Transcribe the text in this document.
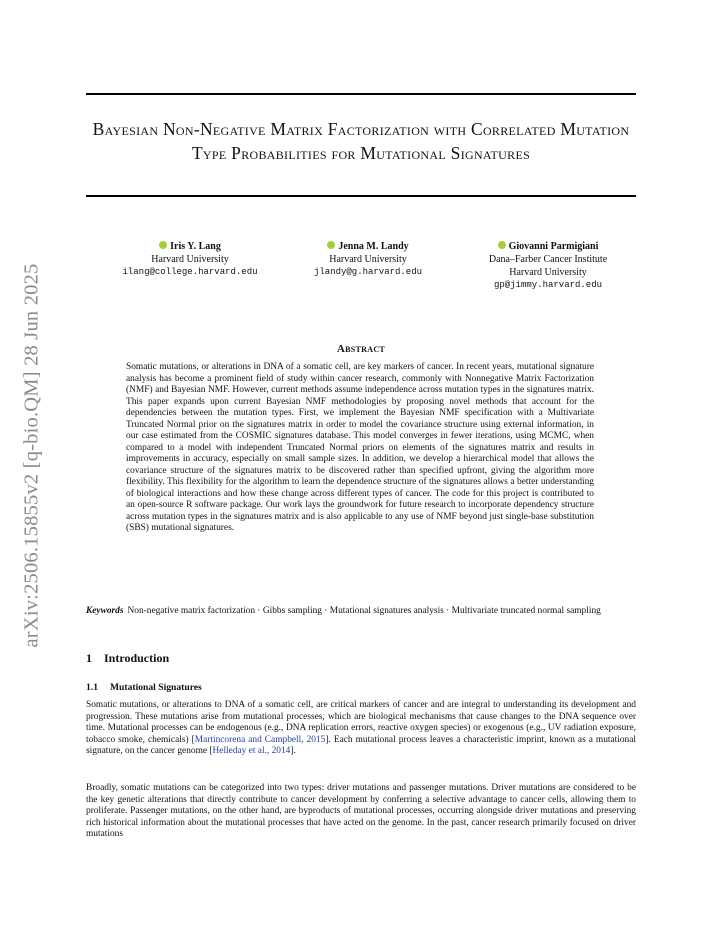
arXiv:2506.15855v2 [q-bio.QM] 28 Jun 2025
Bayesian Non-Negative Matrix Factorization with Correlated Mutation Type Probabilities for Mutational Signatures
Iris Y. Lang
Harvard University
ilang@college.harvard.edu
Jenna M. Landy
Harvard University
jlandy@g.harvard.edu
Giovanni Parmigiani
Dana–Farber Cancer Institute
Harvard University
gp@jimmy.harvard.edu
Abstract

Somatic mutations, or alterations in DNA of a somatic cell, are key markers of cancer. In recent years, mutational signature analysis has become a prominent field of study within cancer research, commonly with Nonnegative Matrix Factorization (NMF) and Bayesian NMF. However, current methods assume independence across mutation types in the signatures matrix. This paper expands upon current Bayesian NMF methodologies by proposing novel methods that account for the dependencies between the mutation types. First, we implement the Bayesian NMF specification with a Multivariate Truncated Normal prior on the signatures matrix in order to model the covariance structure using external information, in our case estimated from the COSMIC signatures database. This model converges in fewer iterations, using MCMC, when compared to a model with independent Truncated Normal priors on elements of the signatures matrix and results in improvements in accuracy, especially on small sample sizes. In addition, we develop a hierarchical model that allows the covariance structure of the signatures matrix to be discovered rather than specified upfront, giving the algorithm more flexibility. This flexibility for the algorithm to learn the dependence structure of the signatures allows a better understanding of biological interactions and how these change across different types of cancer. The code for this project is contributed to an open-source R software package. Our work lays the groundwork for future research to incorporate dependency structure across mutation types in the signatures matrix and is also applicable to any use of NMF beyond just single-base substitution (SBS) mutational signatures.

Keywords Non-negative matrix factorization · Gibbs sampling · Mutational signatures analysis · Multivariate truncated normal sampling

1 Introduction
1.1 Mutational Signatures

Somatic mutations, or alterations to DNA of a somatic cell, are critical markers of cancer and are integral to understanding its development and progression. These mutations arise from mutational processes, which are biological mechanisms that cause changes to the DNA sequence over time. Mutational processes can be endogenous (e.g., DNA replication errors, reactive oxygen species) or exogenous (e.g., UV radiation exposure, tobacco smoke, chemicals) [Martincorena and Campbell, 2015]. Each mutational process leaves a characteristic imprint, known as a mutational signature, on the cancer genome [Helleday et al., 2014].

Broadly, somatic mutations can be categorized into two types: driver mutations and passenger mutations. Driver mutations are considered to be the key genetic alterations that directly contribute to cancer development by conferring a selective advantage to cancer cells, allowing them to proliferate. Passenger mutations, on the other hand, are byproducts of mutational processes, occurring alongside driver mutations and preserving rich historical information about the mutational processes that have acted on the genome. In the past, cancer research primarily focused on driver mutations
